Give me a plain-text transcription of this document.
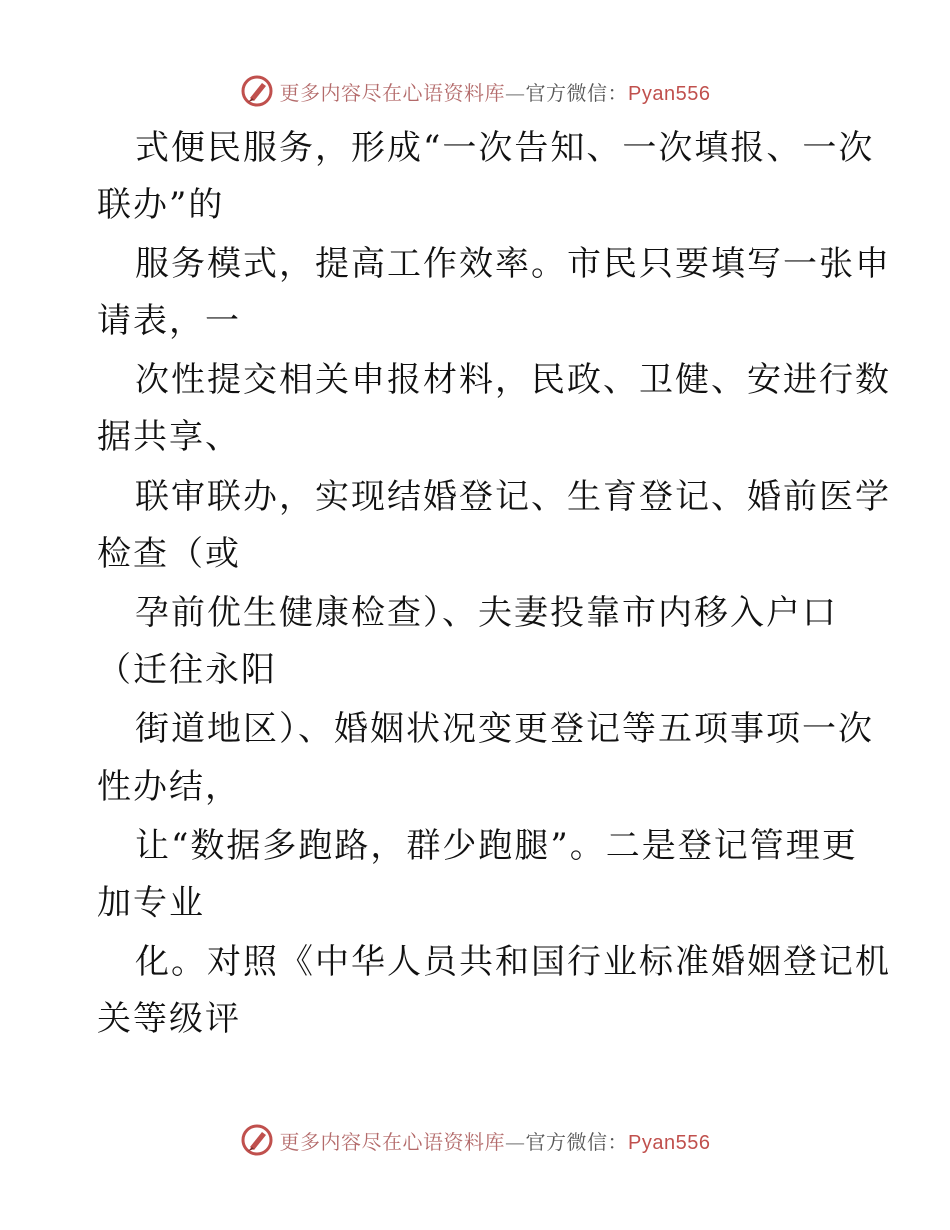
更多内容尽在心语资料库—官方微信：Pyan556
式便民服务，形成“一次告知、一次填报、一次
联办”的
服务模式，提高工作效率。市民只要填写一张申
请表，一
次性提交相关申报材料，民政、卫健、安进行数
据共享、
联审联办，实现结婚登记、生育登记、婚前医学
检查（或
孕前优生健康检查）、夫妻投靠市内移入户口
（迁往永阳
街道地区）、婚姻状况变更登记等五项事项一次
性办结，
让“数据多跑路，群少跑腿”。二是登记管理更
加专业
化。对照《中华人员共和国行业标准婚姻登记机
关等级评
更多内容尽在心语资料库—官方微信：Pyan556
